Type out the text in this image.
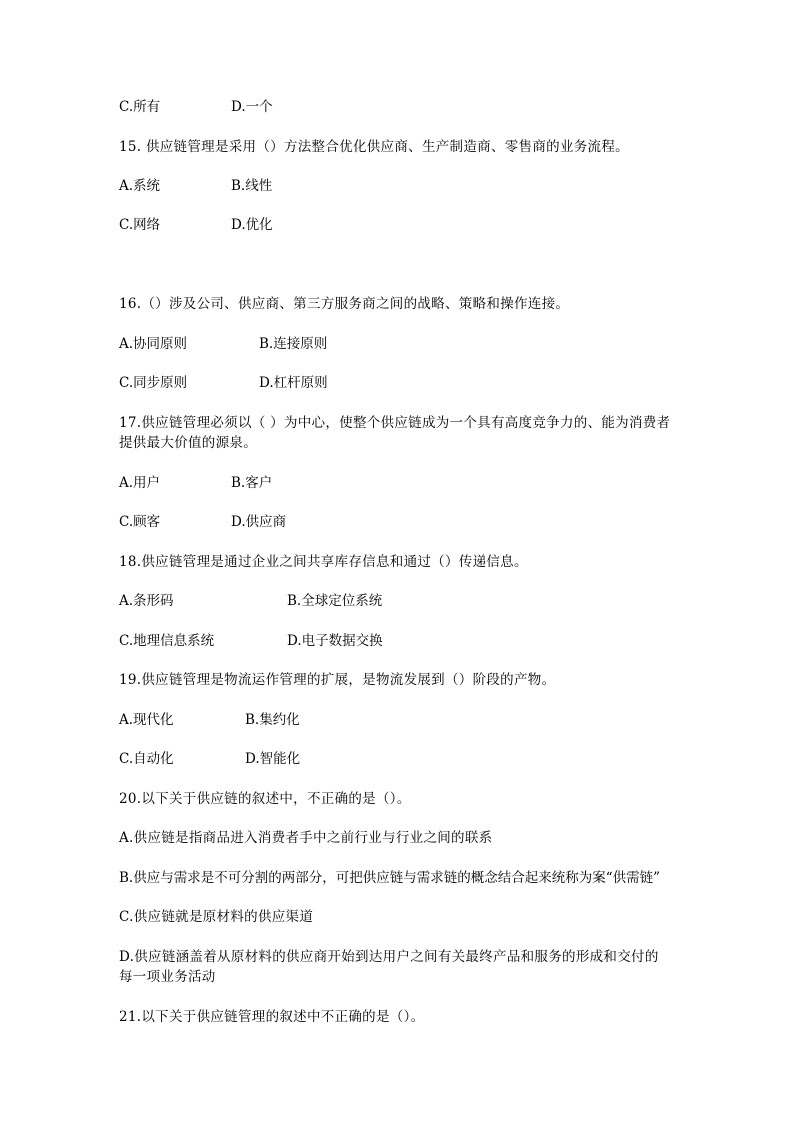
C.所有	D.一个
15. 供应链管理是采用（）方法整合优化供应商、生产制造商、零售商的业务流程。
A.系统	B.线性
C.网络	D.优化
16.（）涉及公司、供应商、第三方服务商之间的战略、策略和操作连接。
A.协同原则	B.连接原则
C.同步原则	D.杠杆原则
17.供应链管理必须以（ ）为中心，使整个供应链成为一个具有高度竞争力的、能为消费者
提供最大价值的源泉。
A.用户	B.客户
C.顾客	D.供应商
18.供应链管理是通过企业之间共享库存信息和通过（）传递信息。
A.条形码	B.全球定位系统
C.地理信息系统	D.电子数据交换
19.供应链管理是物流运作管理的扩展，是物流发展到（）阶段的产物。
A.现代化	B.集约化
C.自动化	D.智能化
20.以下关于供应链的叙述中，不正确的是（）。
A.供应链是指商品进入消费者手中之前行业与行业之间的联系
B.供应与需求是不可分割的两部分，可把供应链与需求链的概念结合起来统称为案“供需链”
C.供应链就是原材料的供应渠道
D.供应链涵盖着从原材料的供应商开始到达用户之间有关最终产品和服务的形成和交付的
每一项业务活动
21.以下关于供应链管理的叙述中不正确的是（）。
